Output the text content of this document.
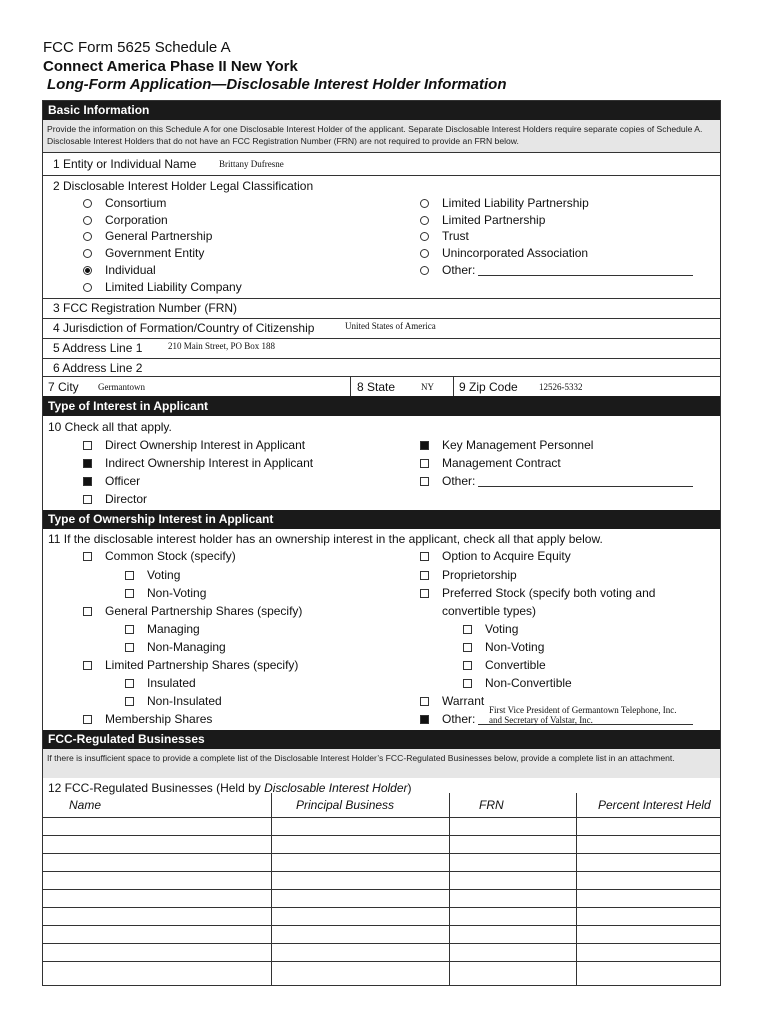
FCC Form 5625 Schedule A
Connect America Phase II New York
Long-Form Application—Disclosable Interest Holder Information
Basic Information
Provide the information on this Schedule A for one Disclosable Interest Holder of the applicant. Separate Disclosable Interest Holders require separate copies of Schedule A. Disclosable Interest Holders that do not have an FCC Registration Number (FRN) are not required to provide an FRN below.
1 Entity or Individual Name	Brittany Dufresne
2 Disclosable Interest Holder Legal Classification
Consortium
Corporation
General Partnership
Government Entity
Individual
Limited Liability Company
Limited Liability Partnership
Limited Partnership
Trust
Unincorporated Association
Other:
3 FCC Registration Number (FRN)
4 Jurisdiction of Formation/Country of Citizenship	United States of America
5 Address Line 1	210 Main Street, PO Box 188
6 Address Line 2
7 City Germantown	8 State	NY 9 Zip Code 12526-5332
Type of Interest in Applicant
10 Check all that apply.
Direct Ownership Interest in Applicant
Indirect Ownership Interest in Applicant
Officer
Director
Key Management Personnel
Management Contract
Other:
Type of Ownership Interest in Applicant
11 If the disclosable interest holder has an ownership interest in the applicant, check all that apply below.
Common Stock (specify)
Voting
Non-Voting
General Partnership Shares (specify)
Managing
Non-Managing
Limited Partnership Shares (specify)
Insulated
Non-Insulated
Membership Shares
Option to Acquire Equity
Proprietorship
Preferred Stock (specify both voting and
convertible types)
Voting
Non-Voting
Convertible
Non-Convertible
Warrant
Other:
First Vice President of Germantown Telephone, Inc.
and Secretary of Valstar, Inc.
FCC-Regulated Businesses
If there is insufficient space to provide a complete list of the Disclosable Interest Holder’s FCC-Regulated Businesses below, provide a complete list in an attachment.
12 FCC-Regulated Businesses (Held by Disclosable Interest Holder)
Name	Principal Business	FRN	Percent Interest Held
